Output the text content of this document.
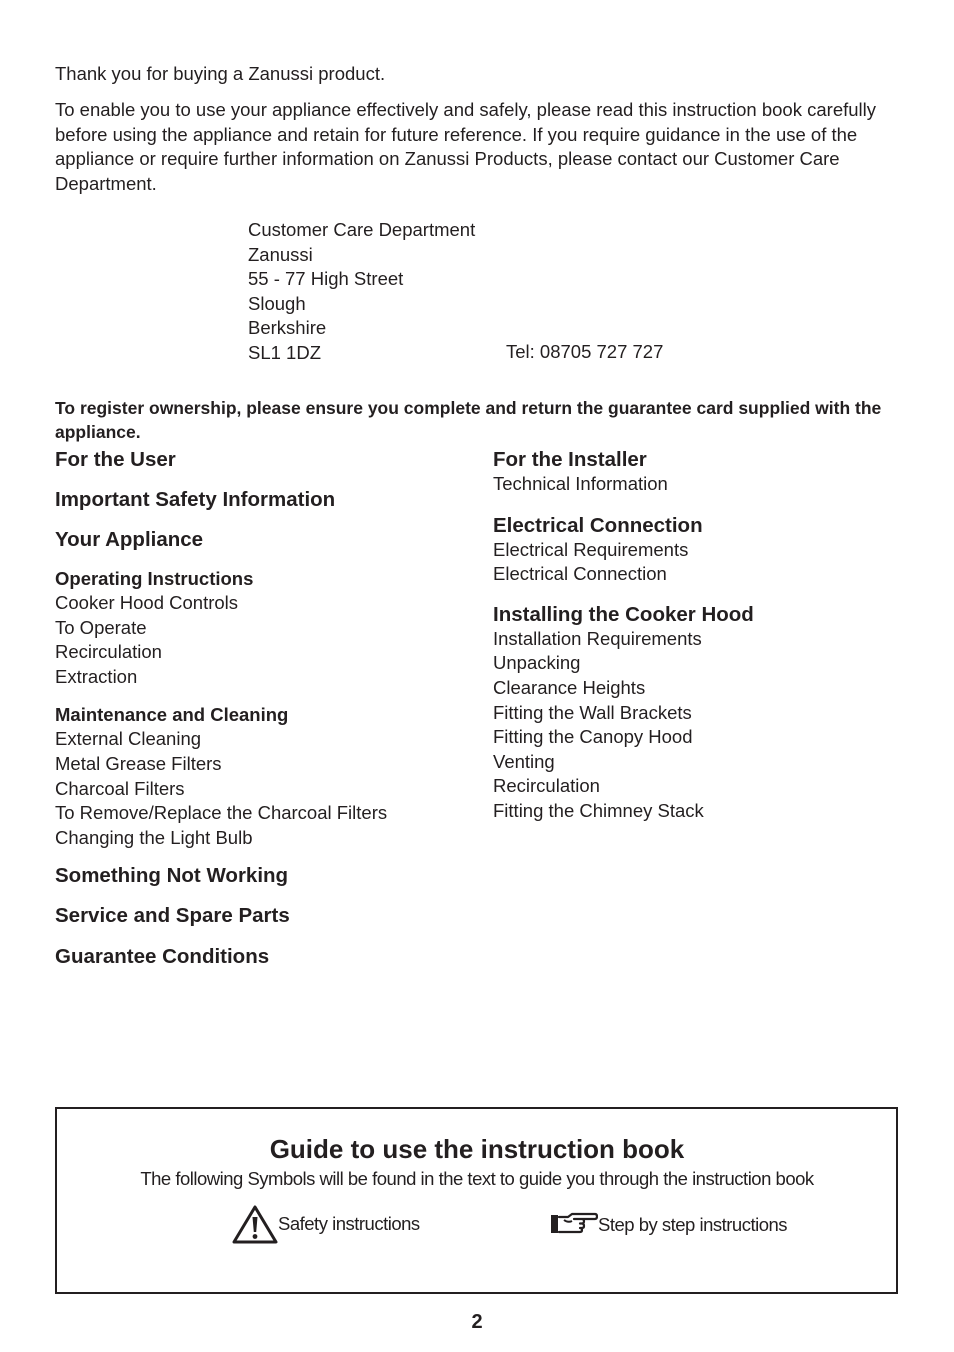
Thank you for buying a Zanussi product.

To enable you to use your appliance effectively and safely, please read this instruction book carefully before using the appliance and retain for future reference. If you require guidance in the use of the appliance or require further information on Zanussi Products, please contact our Customer Care Department.

Customer Care Department
Zanussi
55 - 77 High Street
Slough
Berkshire
SL1 1DZ	Tel: 08705 727 727

To register ownership, please ensure you complete and return the guarantee card supplied with the appliance.

For the User

Important Safety Information

Your Appliance

Operating Instructions

Cooker Hood Controls

To Operate

Recirculation

Extraction

Maintenance and Cleaning

External Cleaning

Metal Grease Filters

Charcoal Filters

To Remove/Replace the Charcoal Filters

Changing the Light Bulb

Something Not Working

Service and Spare Parts

Guarantee Conditions

For the Installer

Technical Information

Electrical Connection

Electrical Requirements

Electrical Connection

Installing the Cooker Hood

Installation Requirements

Unpacking

Clearance Heights

Fitting the Wall Brackets

Fitting the Canopy Hood

Venting

Recirculation

Fitting the Chimney Stack

Guide to use the instruction book
The following Symbols will be found in the text to guide you through the instruction book
Safety instructions	Step by step instructions
2
